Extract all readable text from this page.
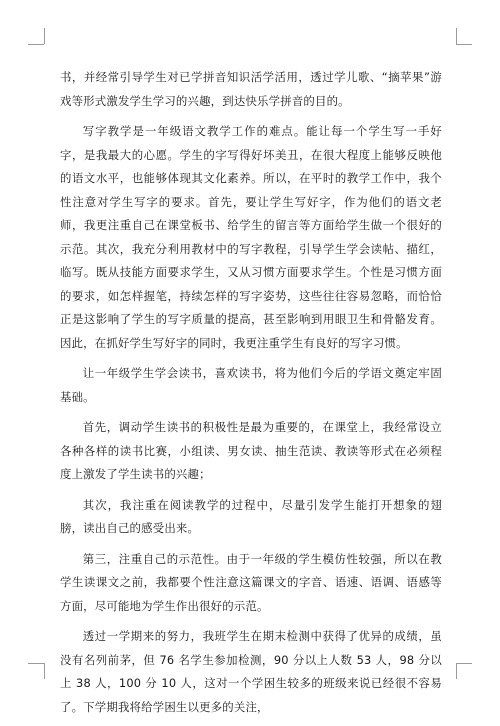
书，并经常引导学生对已学拼音知识活学活用，透过学儿歌、“摘苹果”游戏等形式激发学生学习的兴趣，到达快乐学拼音的目的。

写字教学是一年级语文教学工作的难点。能让每一个学生写一手好字，是我最大的心愿。学生的字写得好坏美丑，在很大程度上能够反映他的语文水平，也能够体现其文化素养。所以，在平时的教学工作中，我个性注意对学生写字的要求。首先，要让学生写好字，作为他们的语文老师，我更注重自己在课堂板书、给学生的留言等方面给学生做一个很好的示范。其次，我充分利用教材中的写字教程，引导学生学会读帖、描红，临写。既从技能方面要求学生，又从习惯方面要求学生。个性是习惯方面的要求，如怎样握笔，持续怎样的写字姿势，这些往往容易忽略，而恰恰正是这影响了学生的写字质量的提高，甚至影响到用眼卫生和骨骼发育。因此，在抓好学生写好字的同时，我更注重学生有良好的写字习惯。

让一年级学生学会读书，喜欢读书，将为他们今后的学语文奠定牢固基础。

首先，调动学生读书的积极性是最为重要的，在课堂上，我经常设立各种各样的读书比赛，小组读、男女读、抽生范读、教读等形式在必须程度上激发了学生读书的兴趣；

其次，我注重在阅读教学的过程中，尽量引发学生能打开想象的翅膀，读出自己的感受出来。

第三，注重自己的示范性。由于一年级的学生模仿性较强，所以在教学生读课文之前，我都要个性注意这篇课文的字音、语速、语调、语感等方面，尽可能地为学生作出很好的示范。

透过一学期来的努力，我班学生在期末检测中获得了优异的成绩，虽没有名列前茅，但 76 名学生参加检测，90 分以上人数 53 人，98 分以上 38 人，100 分 10 人，这对一个学困生较多的班级来说已经很不容易了。下学期我将给学困生以更多的关注，
